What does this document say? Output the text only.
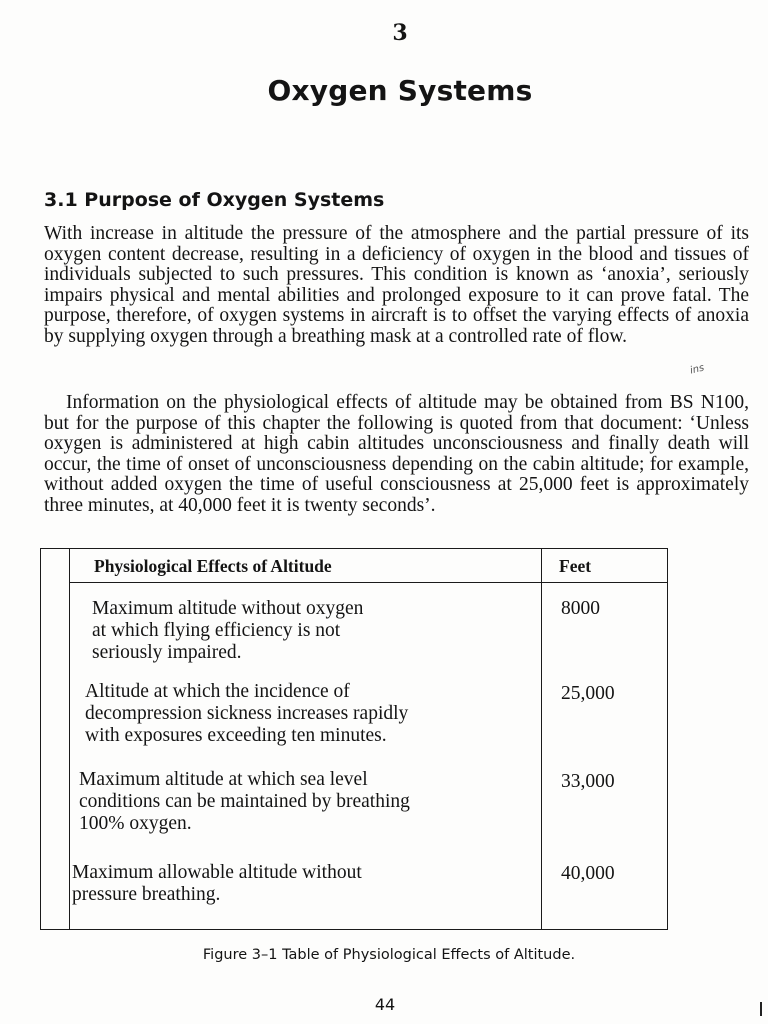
3
Oxygen Systems
3.1 Purpose of Oxygen Systems

With increase in altitude the pressure of the atmosphere and the partial pressure of its oxygen content decrease, resulting in a deficiency of oxygen in the blood and tissues of individuals subjected to such pressures. This condition is known as ‘anoxia’, seriously impairs physical and mental abilities and prolonged exposure to it can prove fatal. The purpose, therefore, of oxygen systems in aircraft is to offset the varying effects of anoxia by supplying oxygen through a breathing mask at a controlled rate of flow.

ins

Information on the physiological effects of altitude may be obtained from BS N100, but for the purpose of this chapter the following is quoted from that document: ‘Unless oxygen is administered at high cabin altitudes unconsciousness and finally death will occur, the time of onset of unconsciousness depending on the cabin altitude; for example, without added oxygen the time of useful consciousness at 25,000 feet is approximately three minutes, at 40,000 feet it is twenty seconds’.

Physiological Effects of Altitude	Feet
Maximum altitude without oxygen
at which flying efficiency is not
seriously impaired.
8000
Altitude at which the incidence of
decompression sickness increases rapidly
with exposures exceeding ten minutes.
25,000
Maximum altitude at which sea level
conditions can be maintained by breathing
100% oxygen.
33,000
Maximum allowable altitude without
pressure breathing.
40,000
Figure 3–1 Table of Physiological Effects of Altitude.
44
